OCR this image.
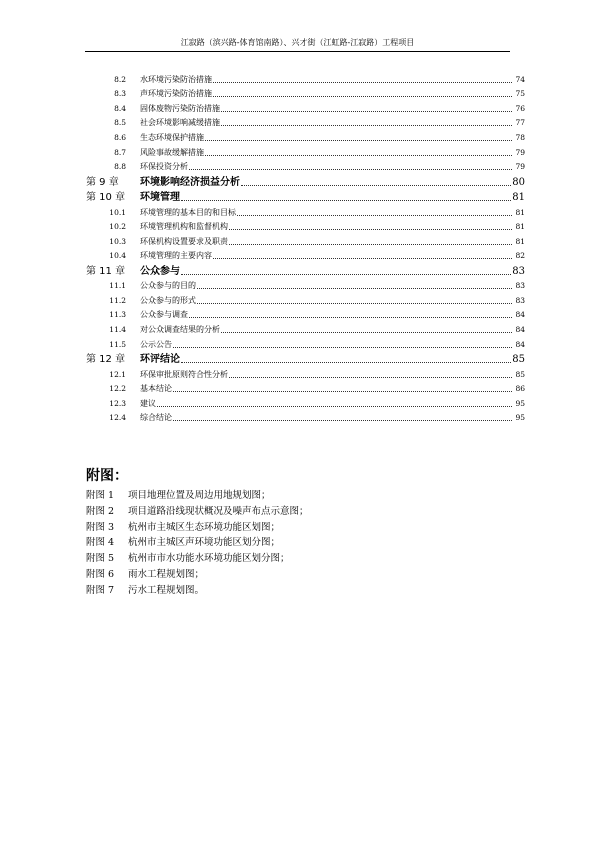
江寂路（滨兴路-体育馆南路）、兴才街（江虹路-江寂路）工程项目
8.2	水环境污染防治措施	74
8.3	声环境污染防治措施	75
8.4	固体废物污染防治措施	76
8.5	社会环境影响减缓措施	77
8.6	生态环境保护措施	78
8.7	风险事故缓解措施	79
8.8	环保投资分析	79
第 9 章	环境影响经济损益分析	80
第 10 章	环境管理	81
10.1	环境管理的基本目的和目标	81
10.2	环境管理机构和监督机构	81
10.3	环保机构设置要求及职责	81
10.4	环境管理的主要内容	82
第 11 章	公众参与	83
11.1	公众参与的目的	83
11.2	公众参与的形式	83
11.3	公众参与调查	84
11.4	对公众调查结果的分析	84
11.5	公示公告	84
第 12 章	环评结论	85
12.1	环保审批原则符合性分析	85
12.2	基本结论	86
12.3	建议	95
12.4	综合结论	95
附图：
附图 1 项目地理位置及周边用地规划图；
附图 2 项目道路沿线现状概况及噪声布点示意图；
附图 3 杭州市主城区生态环境功能区划图；
附图 4 杭州市主城区声环境功能区划分图；
附图 5 杭州市市水功能水环境功能区划分图；
附图 6 雨水工程规划图；
附图 7 污水工程规划图。
